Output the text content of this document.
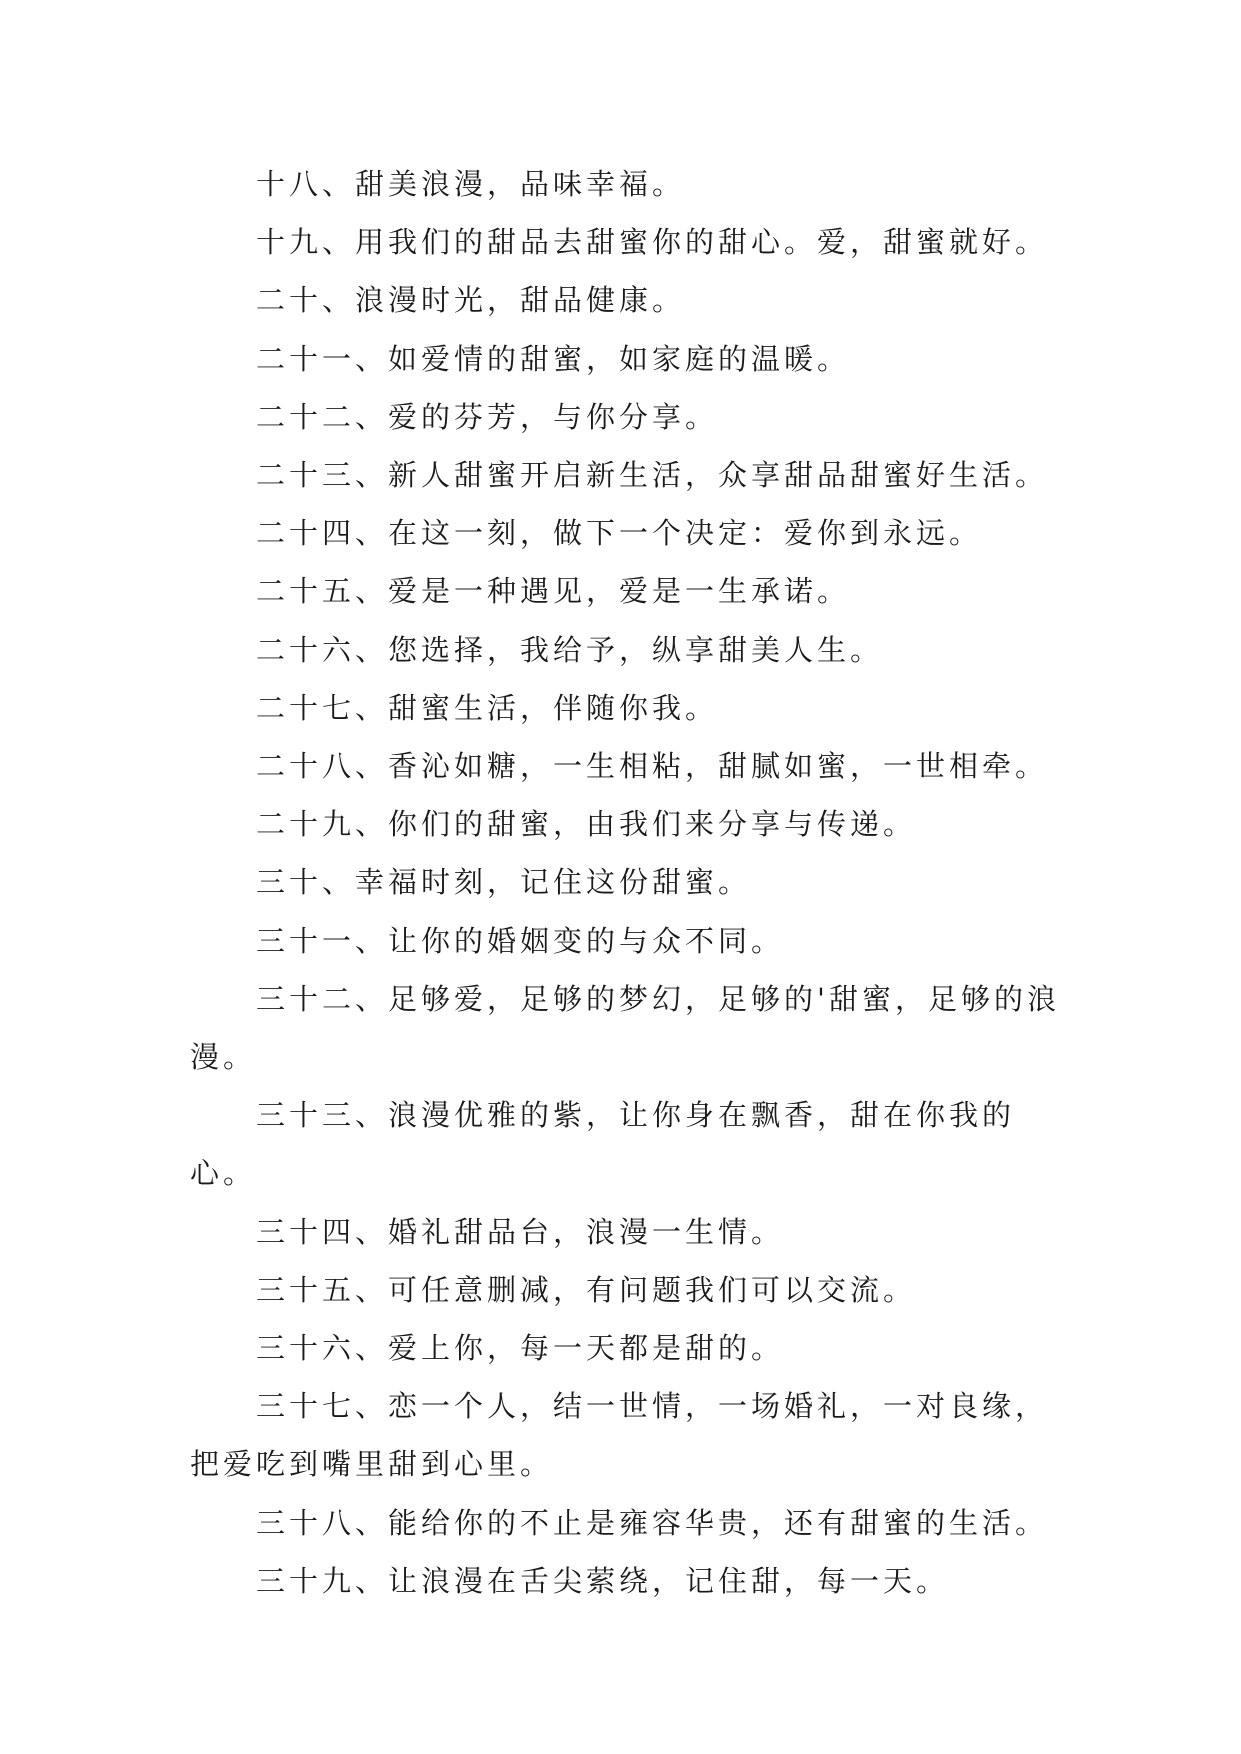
十八、甜美浪漫，品味幸福。

十九、用我们的甜品去甜蜜你的甜心。爱，甜蜜就好。

二十、浪漫时光，甜品健康。

二十一、如爱情的甜蜜，如家庭的温暖。

二十二、爱的芬芳，与你分享。

二十三、新人甜蜜开启新生活，众享甜品甜蜜好生活。

二十四、在这一刻，做下一个决定：爱你到永远。

二十五、爱是一种遇见，爱是一生承诺。

二十六、您选择，我给予，纵享甜美人生。

二十七、甜蜜生活，伴随你我。

二十八、香沁如糖，一生相粘，甜腻如蜜，一世相牵。

二十九、你们的甜蜜，由我们来分享与传递。

三十、幸福时刻，记住这份甜蜜。

三十一、让你的婚姻变的与众不同。

三十二、足够爱，足够的梦幻，足够的'甜蜜，足够的浪漫。

三十三、浪漫优雅的紫，让你身在飘香，甜在你我的心。

三十四、婚礼甜品台，浪漫一生情。

三十五、可任意删减，有问题我们可以交流。

三十六、爱上你，每一天都是甜的。

三十七、恋一个人，结一世情，一场婚礼，一对良缘，把爱吃到嘴里甜到心里。

三十八、能给你的不止是雍容华贵，还有甜蜜的生活。

三十九、让浪漫在舌尖萦绕，记住甜，每一天。
